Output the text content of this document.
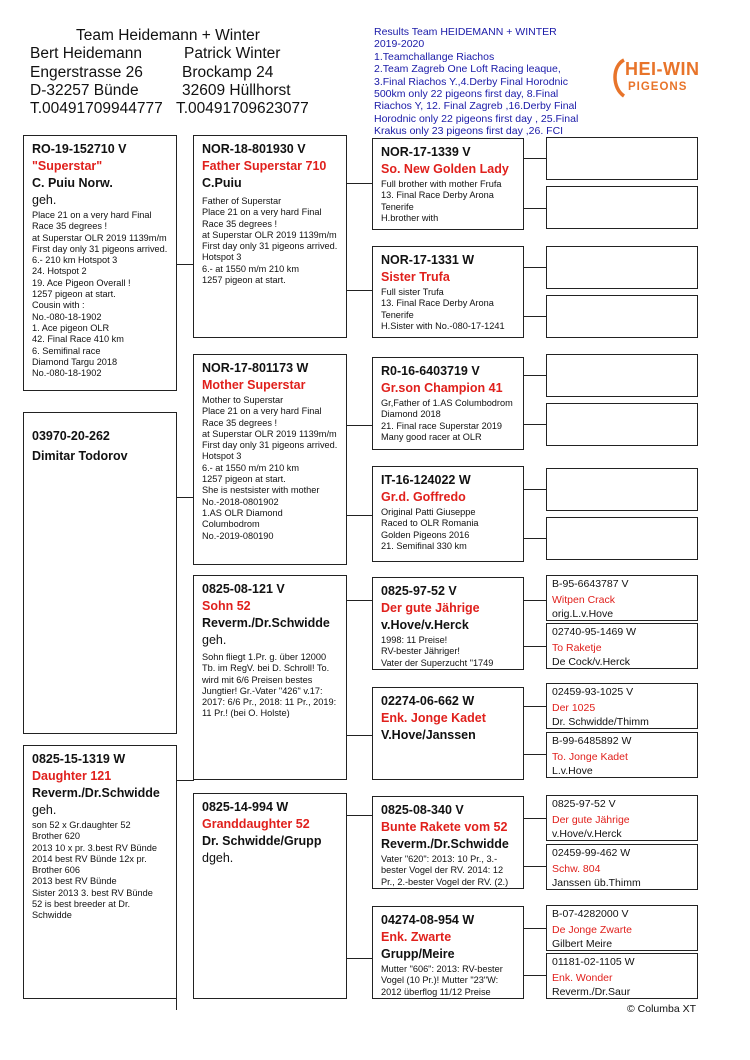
Team Heidemann + Winter
Bert Heidemann
Engerstrasse 26
D-32257 Bünde
T.00491709944777
Patrick Winter
Brockamp 24
32609 Hüllhorst
T.00491709623077
Results Team HEIDEMANN + WINTER 2019-2020
1.Teamchallange Riachos
2.Team Zagreb One Loft Racing leaque,
3.Final Riachos Y.,4.Derby Final Horodnic
500km only 22 pigeons first day, 8.Final
Riachos Y, 12. Final Zagreb ,16.Derby Final
Horodnic only 22 pigeons first day , 25.Final
Krakus only 23 pigeons first day ,26. FCI
HEI-WIN
PIGEONS
RO-19-152710 V
"Superstar"
C. Puiu Norw.
geh.
Place 21 on a very hard Final Race 35 degrees !
at Superstar OLR 2019 1139m/m
First day only 31 pigeons arrived.
6.- 210 km Hotspot 3
24. Hotspot 2
19. Ace Pigeon Overall !
1257 pigeon at start.
Cousin with :
No.-080-18-1902
1. Ace pigeon OLR
42. Final Race 410 km
6. Semifinal race
Diamond Targu 2018
No.-080-18-1902
03970-20-262
Dimitar Todorov
0825-15-1319 W
Daughter 121
Reverm./Dr.Schwidde
geh.
son 52 x Gr.daughter 52
Brother 620
2013 10 x pr. 3.best RV Bünde
2014 best RV Bünde 12x pr.
Brother 606
2013 best RV Bünde
Sister 2013 3. best RV Bünde
52 is best breeder at Dr. Schwidde
NOR-18-801930 V
Father Superstar 710
C.Puiu
Father of Superstar
Place 21 on a very hard Final Race 35 degrees !
at Superstar OLR 2019 1139m/m
First day only 31 pigeons arrived.
Hotspot 3
6.- at 1550 m/m 210 km
1257 pigeon at start.
NOR-17-801173 W
Mother Superstar
Mother to Superstar
Place 21 on a very hard Final Race 35 degrees !
at Superstar OLR 2019 1139m/m
First day only 31 pigeons arrived.
Hotspot 3
6.- at 1550 m/m 210 km
1257 pigeon at start.
She is nestsister with mother No.-2018-0801902
1.AS OLR Diamond
Columbodrom
No.-2019-080190
0825-08-121 V
Sohn 52
Reverm./Dr.Schwidde
geh.
Sohn fliegt 1.Pr. g. über 12000 Tb. im RegV. bei D. Schroll! To. wird mit 6/6 Preisen bestes Jungtier! Gr.-Vater "426" v.17: 2017: 6/6 Pr., 2018: 11 Pr., 2019: 11 Pr.! (bei O. Holste)
0825-14-994 W
Granddaughter 52
Dr. Schwidde/Grupp
dgeh.
NOR-17-1339 V
So. New Golden Lady
Full brother with mother Frufa
13. Final Race Derby Arona
Tenerife
H.brother with
NOR-17-1331 W
Sister Trufa
Full sister Trufa
13. Final Race Derby Arona
Tenerife
H.Sister with No.-080-17-1241
R0-16-6403719 V
Gr.son Champion 41
Gr,Father of 1.AS Columbodrom
Diamond 2018
21. Final race Superstar 2019
Many good racer at OLR
IT-16-124022 W
Gr.d. Goffredo
Original Patti Giuseppe
Raced to OLR Romania
Golden Pigeons 2016
21. Semifinal 330 km
0825-97-52 V
Der gute Jährige
v.Hove/v.Herck
1998: 11 Preise!
RV-bester Jähriger!
Vater der Superzucht "1749
02274-06-662 W
Enk. Jonge Kadet
V.Hove/Janssen
0825-08-340 V
Bunte Rakete vom 52
Reverm./Dr.Schwidde
Vater "620": 2013: 10 Pr., 3.-bester Vogel der RV. 2014: 12 Pr., 2.-bester Vogel der RV. (2.)
04274-08-954 W
Enk. Zwarte
Grupp/Meire
Mutter "606": 2013: RV-bester Vogel (10 Pr.)! Mutter "23"W: 2012 überflog 11/12 Preise
B-95-6643787 V
Witpen Crack
orig.L.v.Hove
02740-95-1469 W
To Raketje
De Cock/v.Herck
02459-93-1025 V
Der 1025
Dr. Schwidde/Thimm
B-99-6485892 W
To. Jonge Kadet
L.v.Hove
0825-97-52 V
Der gute Jährige
v.Hove/v.Herck
02459-99-462 W
Schw. 804
Janssen üb.Thimm
B-07-4282000 V
De Jonge Zwarte
Gilbert Meire
01181-02-1105 W
Enk. Wonder
Reverm./Dr.Saur
© Columba XT
